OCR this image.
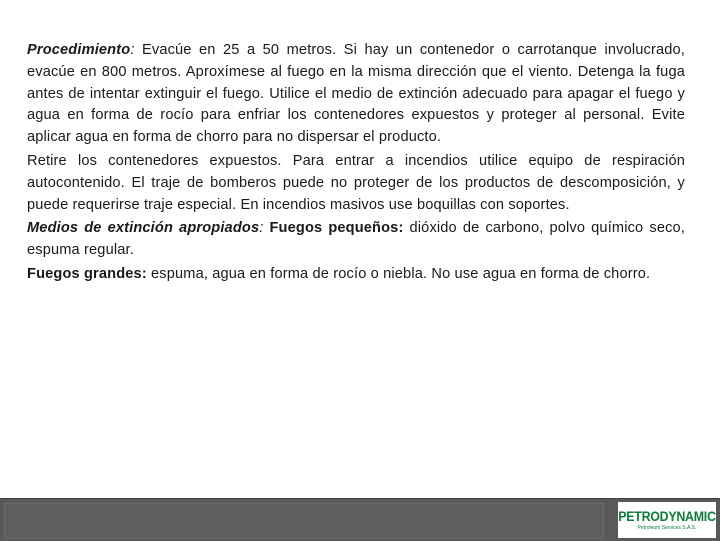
Procedimiento: Evacúe en 25 a 50 metros. Si hay un contenedor o carrotanque involucrado, evacúe en 800 metros. Aproxímese al fuego en la misma dirección que el viento. Detenga la fuga antes de intentar extinguir el fuego. Utilice el medio de extinción adecuado para apagar el fuego y agua en forma de rocío para enfriar los contenedores expuestos y proteger al personal. Evite aplicar agua en forma de chorro para no dispersar el producto.

Retire los contenedores expuestos. Para entrar a incendios utilice equipo de respiración autocontenido. El traje de bomberos puede no proteger de los productos de descomposición, y puede requerirse traje especial. En incendios masivos use boquillas con soportes.

Medios de extinción apropiados: Fuegos pequeños: dióxido de carbono, polvo químico seco, espuma regular.

Fuegos grandes: espuma, agua en forma de rocío o niebla. No use agua en forma de chorro.

PETRODYNAMIC
Petroleum Services S.A.S.
